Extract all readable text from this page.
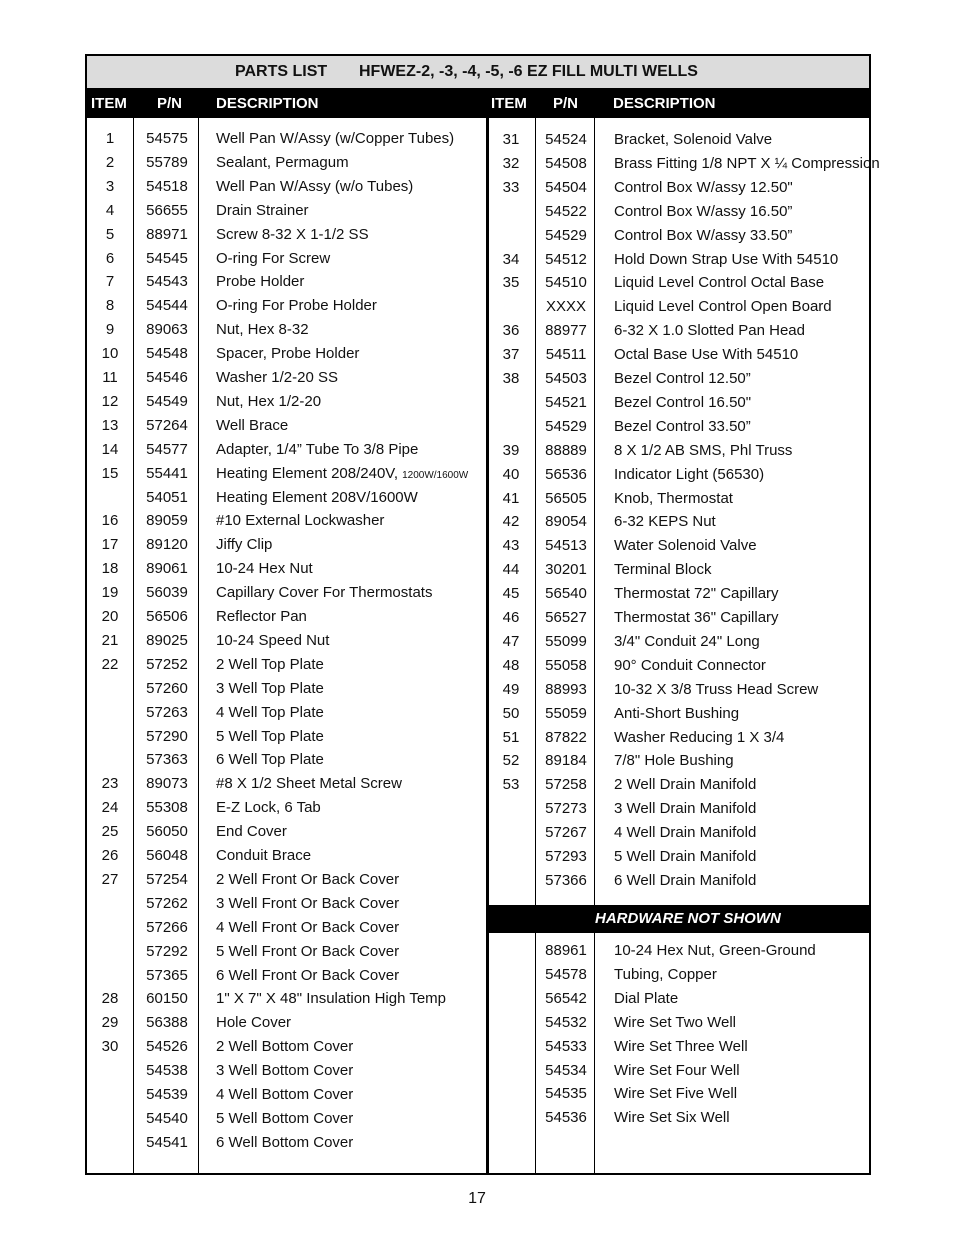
PARTS LIST HFWEZ-2, -3, -4, -5, -6 EZ FILL MULTI WELLS
ITEM P/N DESCRIPTION	ITEM P/N DESCRIPTION
HARDWARE NOT SHOWN
1	54575	Well Pan W/Assy (w/Copper Tubes)
2	55789	Sealant, Permagum
3	54518	Well Pan W/Assy (w/o Tubes)
4	56655	Drain Strainer
5	88971	Screw 8-32 X 1-1/2 SS
6	54545	O-ring For Screw
7	54543	Probe Holder
8	54544	O-ring For Probe Holder
9	89063	Nut, Hex 8-32
10	54548	Spacer, Probe Holder
11	54546	Washer 1/2-20 SS
12	54549	Nut, Hex 1/2-20
13	57264	Well Brace
14	54577	Adapter, 1/4” Tube To 3/8 Pipe
15	55441	Heating Element 208/240V, 1200W/1600W
54051	Heating Element 208V/1600W
16	89059	#10 External Lockwasher
17	89120	Jiffy Clip
18	89061	10-24 Hex Nut
19	56039	Capillary Cover For Thermostats
20	56506	Reflector Pan
21	89025	10-24 Speed Nut
22	57252	2 Well Top Plate
57260	3 Well Top Plate
57263	4 Well Top Plate
57290	5 Well Top Plate
57363	6 Well Top Plate
23	89073	#8 X 1/2 Sheet Metal Screw
24	55308	E-Z Lock, 6 Tab
25	56050	End Cover
26	56048	Conduit Brace
27	57254	2 Well Front Or Back Cover
57262	3 Well Front Or Back Cover
57266	4 Well Front Or Back Cover
57292	5 Well Front Or Back Cover
57365	6 Well Front Or Back Cover
28	60150	1" X 7" X 48" Insulation High Temp
29	56388	Hole Cover
30	54526	2 Well Bottom Cover
54538	3 Well Bottom Cover
54539	4 Well Bottom Cover
54540	5 Well Bottom Cover
54541	6 Well Bottom Cover
31	54524	Bracket, Solenoid Valve
32	54508	Brass Fitting 1/8 NPT X ¼ Compression
33	54504	Control Box W/assy 12.50"
54522	Control Box W/assy 16.50”
54529	Control Box W/assy 33.50”
34	54512	Hold Down Strap Use With 54510
35	54510	Liquid Level Control Octal Base
XXXX	Liquid Level Control Open Board
36	88977	6-32 X 1.0 Slotted Pan Head
37	54511	Octal Base Use With 54510
38	54503	Bezel Control 12.50”
54521	Bezel Control 16.50"
54529	Bezel Control 33.50”
39	88889	8 X 1/2 AB SMS, Phl Truss
40	56536	Indicator Light (56530)
41	56505	Knob, Thermostat
42	89054	6-32 KEPS Nut
43	54513	Water Solenoid Valve
44	30201	Terminal Block
45	56540	Thermostat 72" Capillary
46	56527	Thermostat 36" Capillary
47	55099	3/4" Conduit 24" Long
48	55058	90° Conduit Connector
49	88993	10-32 X 3/8 Truss Head Screw
50	55059	Anti-Short Bushing
51	87822	Washer Reducing 1 X 3/4
52	89184	7/8" Hole Bushing
53	57258	2 Well Drain Manifold
57273	3 Well Drain Manifold
57267	4 Well Drain Manifold
57293	5 Well Drain Manifold
57366	6 Well Drain Manifold
88961	10-24 Hex Nut, Green-Ground
54578	Tubing, Copper
56542	Dial Plate
54532	Wire Set Two Well
54533	Wire Set Three Well
54534	Wire Set Four Well
54535	Wire Set Five Well
54536	Wire Set Six Well
17
